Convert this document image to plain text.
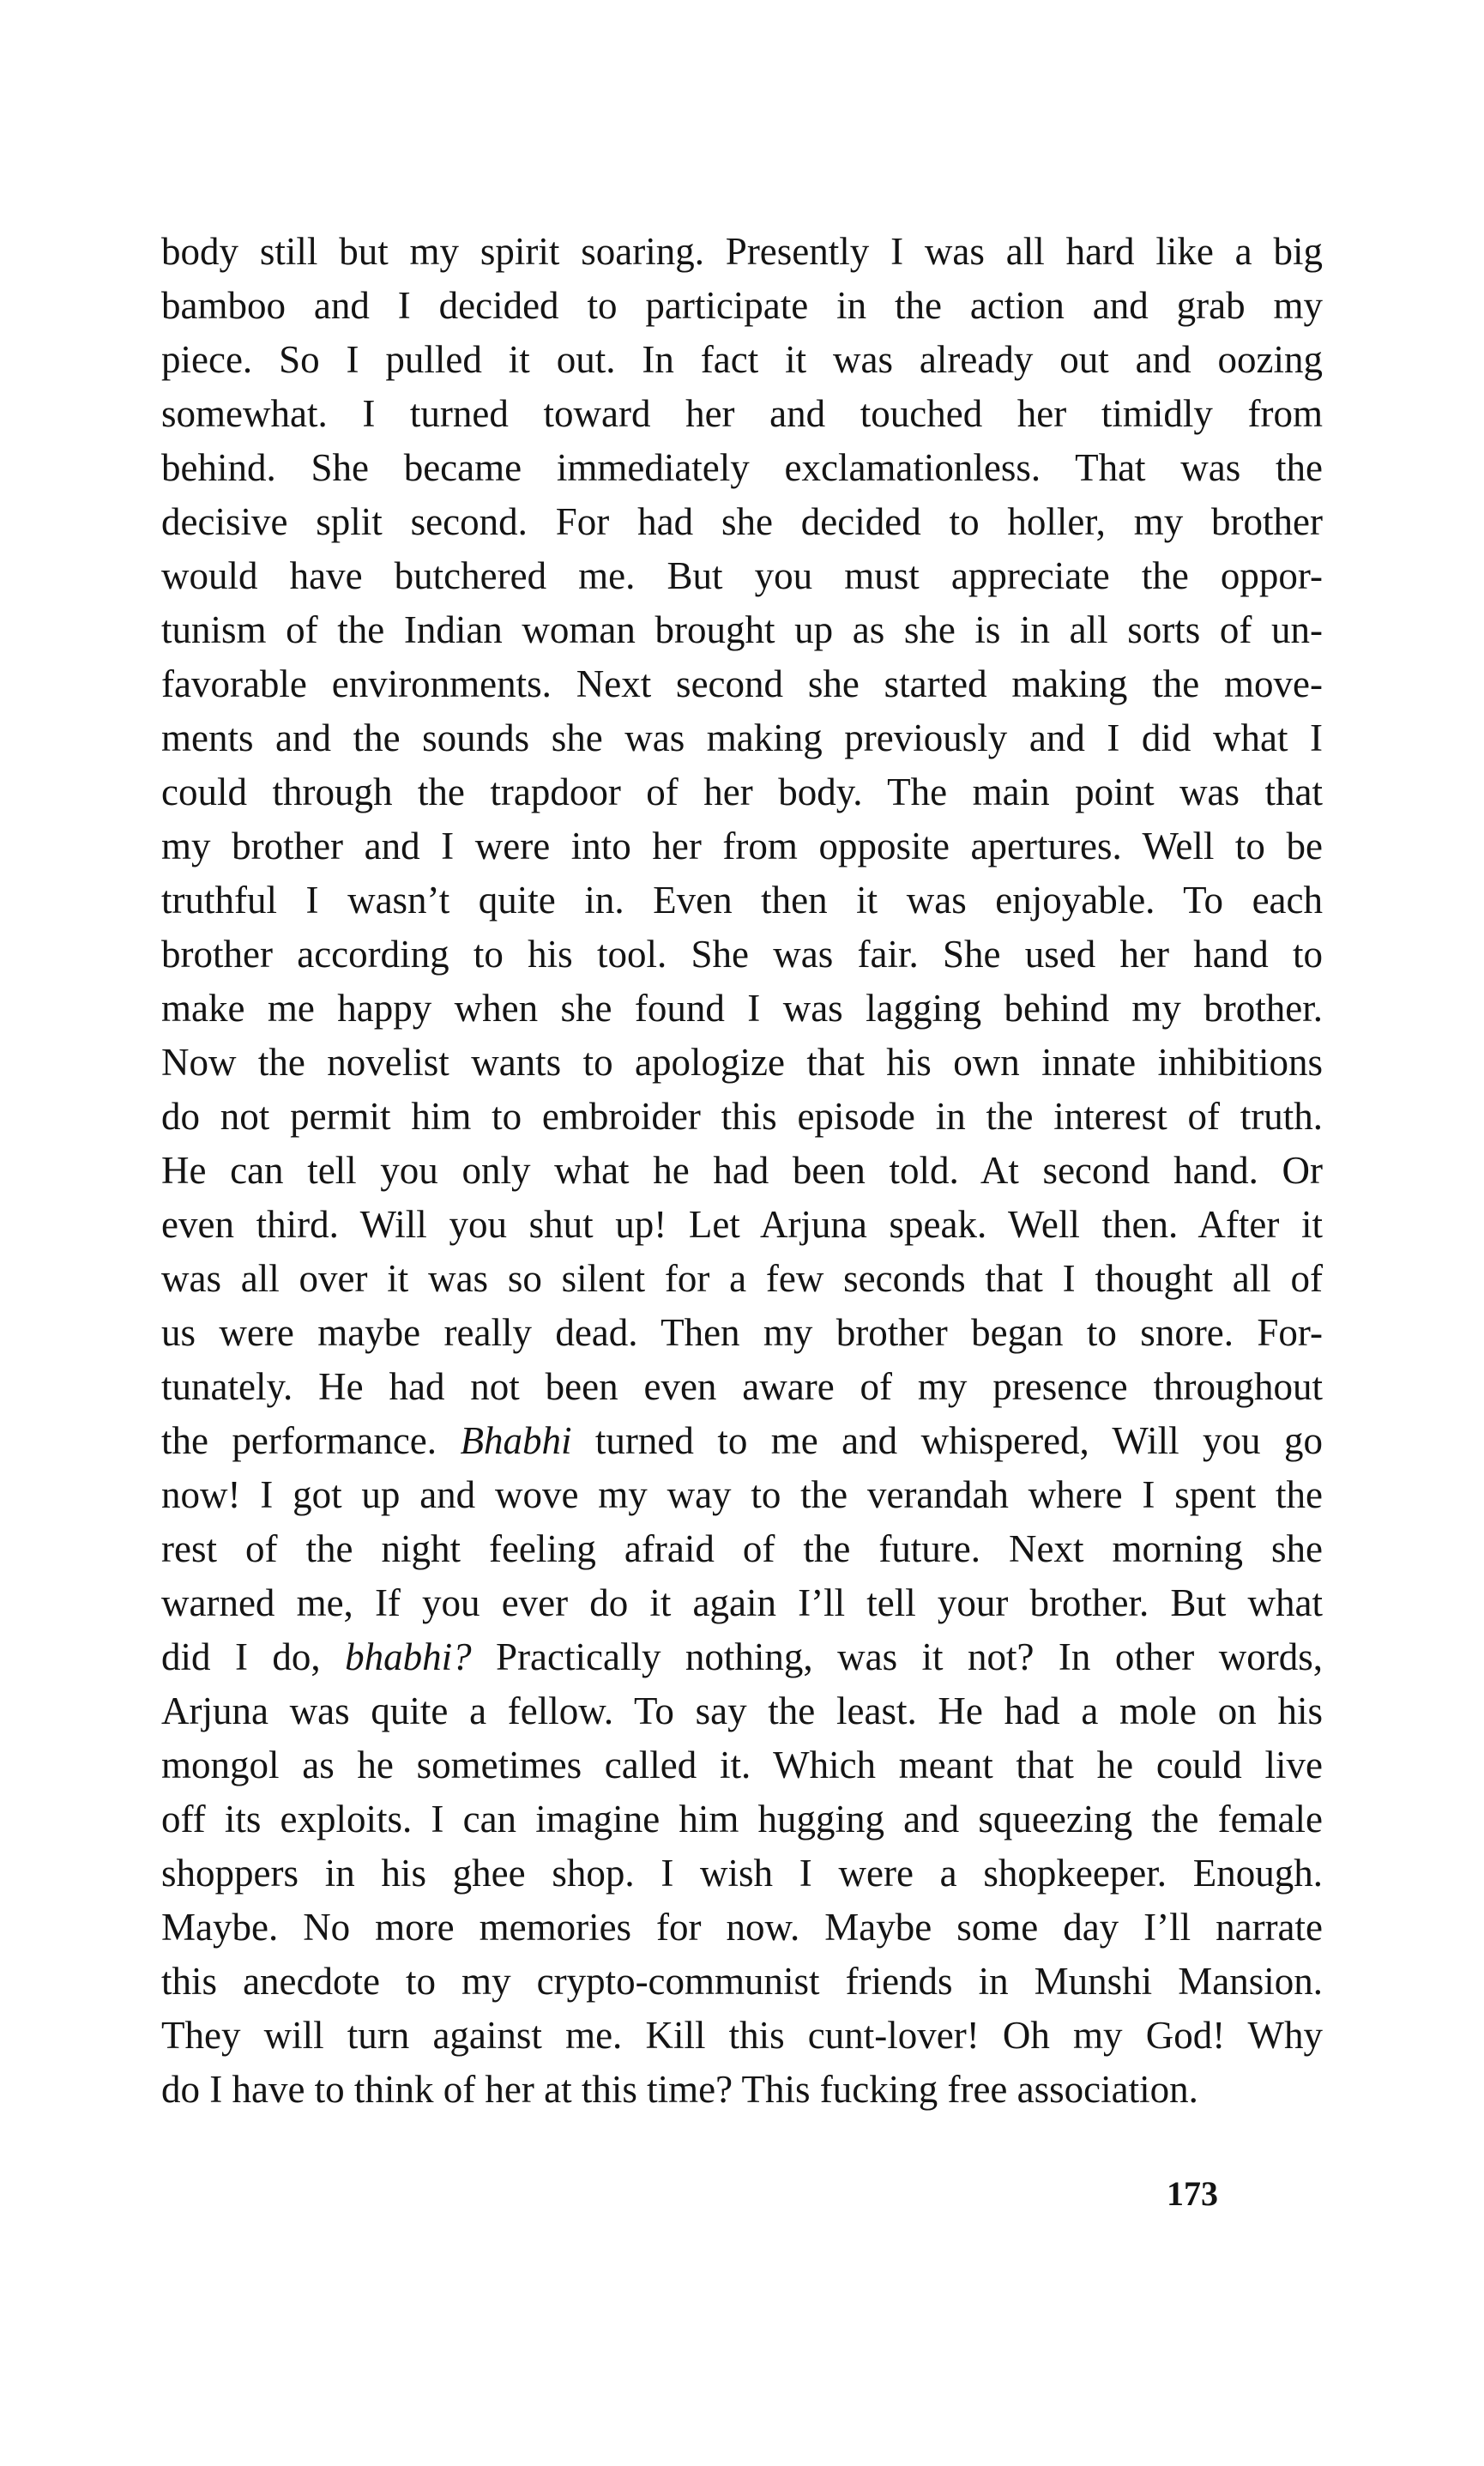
body still but my spirit soaring. Presently I was all hard like a big
bamboo and I decided to participate in the action and grab my
piece. So I pulled it out. In fact it was already out and oozing
somewhat. I turned toward her and touched her timidly from
behind. She became immediately exclamationless. That was the
decisive split second. For had she decided to holler, my brother
would have butchered me. But you must appreciate the oppor-
tunism of the Indian woman brought up as she is in all sorts of un-
favorable environments. Next second she started making the move-
ments and the sounds she was making previously and I did what I
could through the trapdoor of her body. The main point was that
my brother and I were into her from opposite apertures. Well to be
truthful I wasn’t quite in. Even then it was enjoyable. To each
brother according to his tool. She was fair. She used her hand to
make me happy when she found I was lagging behind my brother.
Now the novelist wants to apologize that his own innate inhibitions
do not permit him to embroider this episode in the interest of truth.
He can tell you only what he had been told. At second hand. Or
even third. Will you shut up! Let Arjuna speak. Well then. After it
was all over it was so silent for a few seconds that I thought all of
us were maybe really dead. Then my brother began to snore. For-
tunately. He had not been even aware of my presence throughout
the performance. Bhabhi turned to me and whispered, Will you go
now! I got up and wove my way to the verandah where I spent the
rest of the night feeling afraid of the future. Next morning she
warned me, If you ever do it again I’ll tell your brother. But what
did I do, bhabhi? Practically nothing, was it not? In other words,
Arjuna was quite a fellow. To say the least. He had a mole on his
mongol as he sometimes called it. Which meant that he could live
off its exploits. I can imagine him hugging and squeezing the female
shoppers in his ghee shop. I wish I were a shopkeeper. Enough.
Maybe. No more memories for now. Maybe some day I’ll narrate
this anecdote to my crypto-communist friends in Munshi Mansion.
They will turn against me. Kill this cunt-lover! Oh my God! Why
do I have to think of her at this time? This fucking free association.
173
